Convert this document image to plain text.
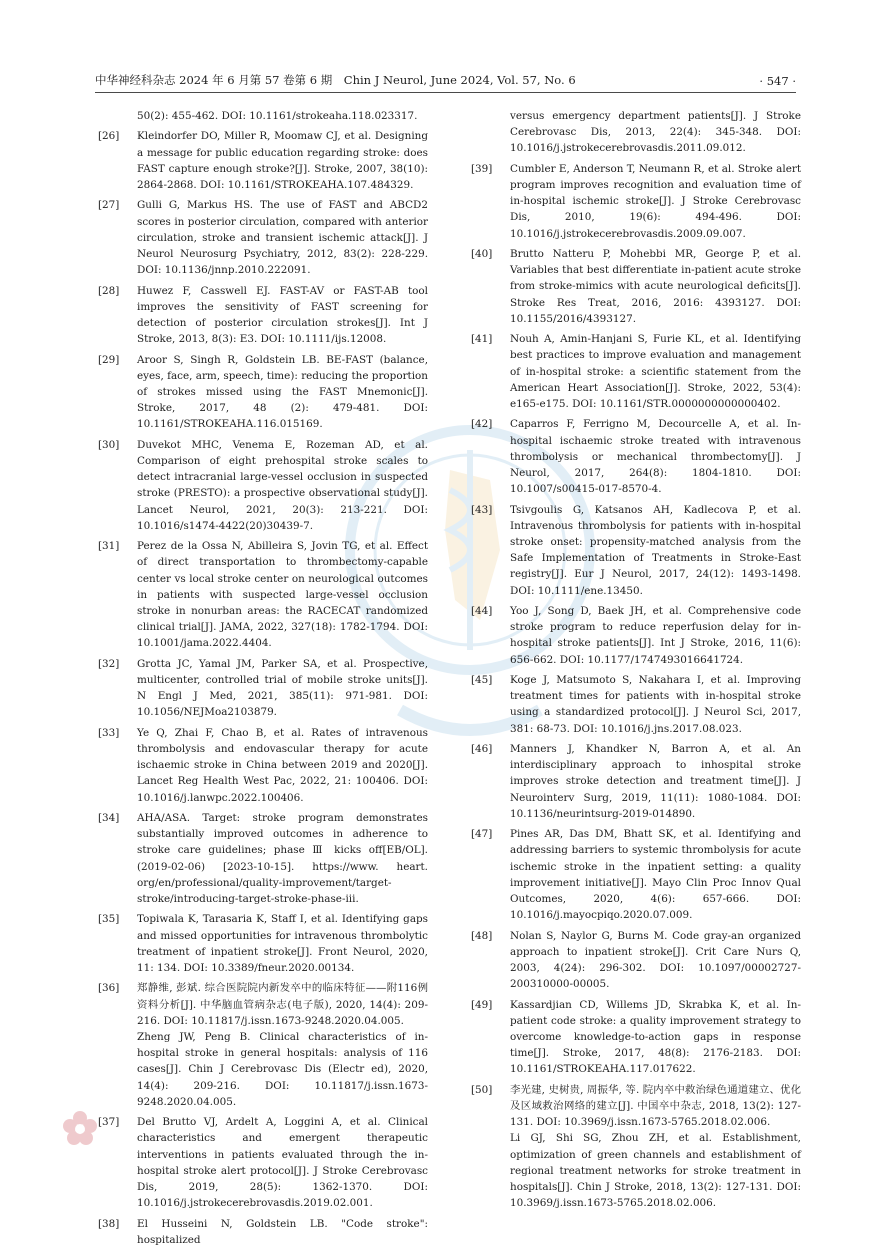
中华神经科杂志 2024 年 6 月第 57 卷第 6 期　Chin J Neurol, June 2024, Vol. 57, No. 6	· 547 ·
50(2): 455-462. DOI: 10.1161/strokeaha.118.023317.
[26] Kleindorfer DO, Miller R, Moomaw CJ, et al. Designing a message for public education regarding stroke: does FAST capture enough stroke?[J]. Stroke, 2007, 38(10): 2864-2868. DOI: 10.1161/STROKEAHA.107.484329.
[27] Gulli G, Markus HS. The use of FAST and ABCD2 scores in posterior circulation, compared with anterior circulation, stroke and transient ischemic attack[J]. J Neurol Neurosurg Psychiatry, 2012, 83(2): 228-229. DOI: 10.1136/jnnp.2010.222091.
[28] Huwez F, Casswell EJ. FAST-AV or FAST-AB tool improves the sensitivity of FAST screening for detection of posterior circulation strokes[J]. Int J Stroke, 2013, 8(3): E3. DOI: 10.1111/ijs.12008.
[29] Aroor S, Singh R, Goldstein LB. BE-FAST (balance, eyes, face, arm, speech, time): reducing the proportion of strokes missed using the FAST Mnemonic[J]. Stroke, 2017, 48 (2): 479-481. DOI: 10.1161/STROKEAHA.116.015169.
[30] Duvekot MHC, Venema E, Rozeman AD, et al. Comparison of eight prehospital stroke scales to detect intracranial large-vessel occlusion in suspected stroke (PRESTO): a prospective observational study[J]. Lancet Neurol, 2021, 20(3): 213-221. DOI: 10.1016/s1474-4422(20)30439-7.
[31] Perez de la Ossa N, Abilleira S, Jovin TG, et al. Effect of direct transportation to thrombectomy-capable center vs local stroke center on neurological outcomes in patients with suspected large-vessel occlusion stroke in nonurban areas: the RACECAT randomized clinical trial[J]. JAMA, 2022, 327(18): 1782-1794. DOI: 10.1001/jama.2022.4404.
[32] Grotta JC, Yamal JM, Parker SA, et al. Prospective, multicenter, controlled trial of mobile stroke units[J]. N Engl J Med, 2021, 385(11): 971-981. DOI: 10.1056/NEJMoa2103879.
[33] Ye Q, Zhai F, Chao B, et al. Rates of intravenous thrombolysis and endovascular therapy for acute ischaemic stroke in China between 2019 and 2020[J]. Lancet Reg Health West Pac, 2022, 21: 100406. DOI: 10.1016/j.lanwpc.2022.100406.
[34] AHA/ASA. Target: stroke program demonstrates substantially improved outcomes in adherence to stroke care guidelines; phase Ⅲ kicks off[EB/OL]. (2019-02-06) [2023-10-15]. https://www. heart. org/en/professional/quality-improvement/target-stroke/introducing-target-stroke-phase-iii.
[35] Topiwala K, Tarasaria K, Staff I, et al. Identifying gaps and missed opportunities for intravenous thrombolytic treatment of inpatient stroke[J]. Front Neurol, 2020, 11: 134. DOI: 10.3389/fneur.2020.00134.
[36] 郑静维, 彭斌. 综合医院院内新发卒中的临床特征——附116例资料分析[J]. 中华脑血管病杂志(电子版), 2020, 14(4): 209-216. DOI: 10.11817/j.issn.1673-9248.2020.04.005.
Zheng JW, Peng B. Clinical characteristics of in-hospital stroke in general hospitals: analysis of 116 cases[J]. Chin J Cerebrovasc Dis (Electr ed), 2020, 14(4): 209-216. DOI: 10.11817/j.issn.1673-9248.2020.04.005.
[37] Del Brutto VJ, Ardelt A, Loggini A, et al. Clinical characteristics and emergent therapeutic interventions in patients evaluated through the in-hospital stroke alert protocol[J]. J Stroke Cerebrovasc Dis, 2019, 28(5): 1362-1370. DOI: 10.1016/j.jstrokecerebrovasdis.2019.02.001.
[38] El Husseini N, Goldstein LB. "Code stroke": hospitalized
versus emergency department patients[J]. J Stroke Cerebrovasc Dis, 2013, 22(4): 345-348. DOI: 10.1016/j.jstrokecerebrovasdis.2011.09.012.
[39] Cumbler E, Anderson T, Neumann R, et al. Stroke alert program improves recognition and evaluation time of in-hospital ischemic stroke[J]. J Stroke Cerebrovasc Dis, 2010, 19(6): 494-496. DOI: 10.1016/j.jstrokecerebrovasdis.2009.09.007.
[40] Brutto Natteru P, Mohebbi MR, George P, et al. Variables that best differentiate in-patient acute stroke from stroke-mimics with acute neurological deficits[J]. Stroke Res Treat, 2016, 2016: 4393127. DOI: 10.1155/2016/4393127.
[41] Nouh A, Amin-Hanjani S, Furie KL, et al. Identifying best practices to improve evaluation and management of in-hospital stroke: a scientific statement from the American Heart Association[J]. Stroke, 2022, 53(4): e165-e175. DOI: 10.1161/STR.0000000000000402.
[42] Caparros F, Ferrigno M, Decourcelle A, et al. In-hospital ischaemic stroke treated with intravenous thrombolysis or mechanical thrombectomy[J]. J Neurol, 2017, 264(8): 1804-1810. DOI: 10.1007/s00415-017-8570-4.
[43] Tsivgoulis G, Katsanos AH, Kadlecova P, et al. Intravenous thrombolysis for patients with in-hospital stroke onset: propensity-matched analysis from the Safe Implementation of Treatments in Stroke-East registry[J]. Eur J Neurol, 2017, 24(12): 1493-1498. DOI: 10.1111/ene.13450.
[44] Yoo J, Song D, Baek JH, et al. Comprehensive code stroke program to reduce reperfusion delay for in-hospital stroke patients[J]. Int J Stroke, 2016, 11(6): 656-662. DOI: 10.1177/1747493016641724.
[45] Koge J, Matsumoto S, Nakahara I, et al. Improving treatment times for patients with in-hospital stroke using a standardized protocol[J]. J Neurol Sci, 2017, 381: 68-73. DOI: 10.1016/j.jns.2017.08.023.
[46] Manners J, Khandker N, Barron A, et al. An interdisciplinary approach to inhospital stroke improves stroke detection and treatment time[J]. J Neurointerv Surg, 2019, 11(11): 1080-1084. DOI: 10.1136/neurintsurg-2019-014890.
[47] Pines AR, Das DM, Bhatt SK, et al. Identifying and addressing barriers to systemic thrombolysis for acute ischemic stroke in the inpatient setting: a quality improvement initiative[J]. Mayo Clin Proc Innov Qual Outcomes, 2020, 4(6): 657-666. DOI: 10.1016/j.mayocpiqo.2020.07.009.
[48] Nolan S, Naylor G, Burns M. Code gray-an organized approach to inpatient stroke[J]. Crit Care Nurs Q, 2003, 4(24): 296-302. DOI: 10.1097/00002727-200310000-00005.
[49] Kassardjian CD, Willems JD, Skrabka K, et al. In-patient code stroke: a quality improvement strategy to overcome knowledge-to-action gaps in response time[J]. Stroke, 2017, 48(8): 2176-2183. DOI: 10.1161/STROKEAHA.117.017622.
[50] 李光建, 史树贵, 周振华, 等. 院内卒中救治绿色通道建立、优化及区域救治网络的建立[J]. 中国卒中杂志, 2018, 13(2): 127-131. DOI: 10.3969/j.issn.1673-5765.2018.02.006.
Li GJ, Shi SG, Zhou ZH, et al. Establishment, optimization of green channels and establishment of regional treatment networks for stroke treatment in hospitals[J]. Chin J Stroke, 2018, 13(2): 127-131. DOI: 10.3969/j.issn.1673-5765.2018.02.006.
